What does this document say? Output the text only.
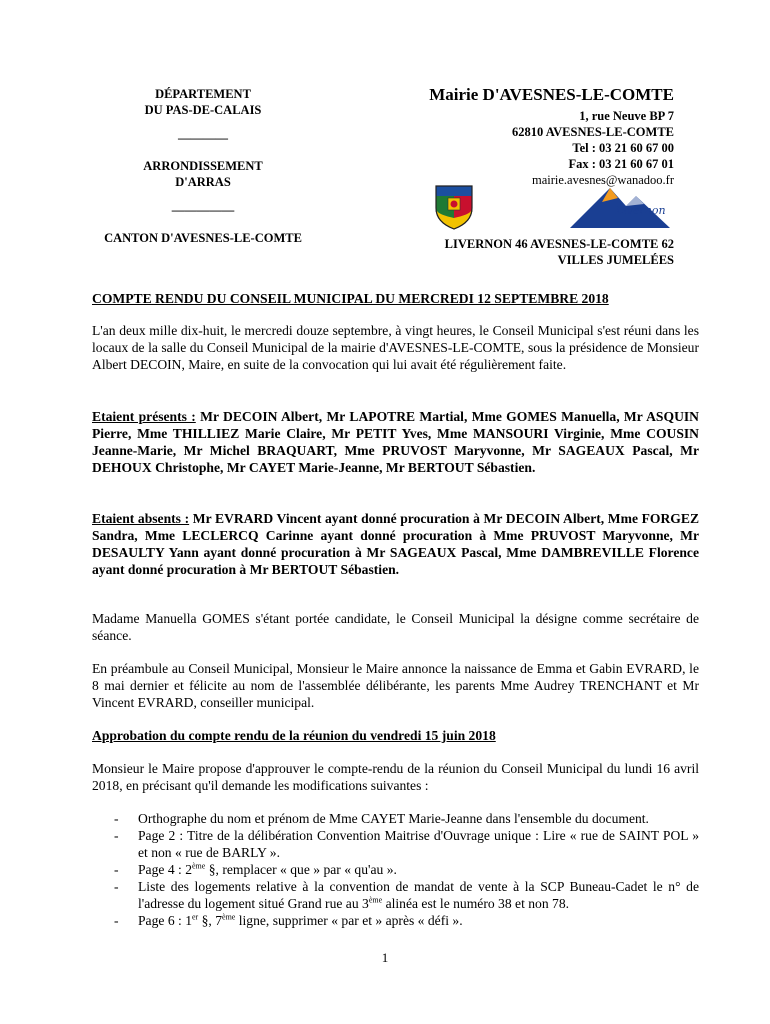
DÉPARTEMENT
DU PAS-DE-CALAIS
————
ARRONDISSEMENT
D'ARRAS
—————
CANTON D'AVESNES-LE-COMTE
Mairie D'AVESNES-LE-COMTE
1, rue Neuve BP 7
62810 AVESNES-LE-COMTE
Tel : 03 21 60 67 00
Fax : 03 21 60 67 01
mairie.avesnes@wanadoo.fr
Livernon
LIVERNON 46 AVESNES-LE-COMTE 62
VILLES JUMELÉES
COMPTE RENDU DU CONSEIL MUNICIPAL DU MERCREDI 12 SEPTEMBRE 2018
L'an deux mille dix-huit, le mercredi douze septembre, à vingt heures, le Conseil Municipal s'est réuni dans les locaux de la salle du Conseil Municipal de la mairie d'AVESNES-LE-COMTE, sous la présidence de Monsieur Albert DECOIN, Maire, en suite de la convocation qui lui avait été régulièrement faite.
Etaient présents : Mr DECOIN Albert, Mr LAPOTRE Martial, Mme GOMES Manuella, Mr ASQUIN Pierre, Mme THILLIEZ Marie Claire, Mr PETIT Yves, Mme MANSOURI Virginie, Mme COUSIN Jeanne-Marie, Mr Michel BRAQUART, Mme PRUVOST Maryvonne, Mr SAGEAUX Pascal, Mr DEHOUX Christophe, Mr CAYET Marie-Jeanne, Mr BERTOUT Sébastien.
Etaient absents : Mr EVRARD Vincent ayant donné procuration à Mr DECOIN Albert, Mme FORGEZ Sandra, Mme LECLERCQ Carinne ayant donné procuration à Mme PRUVOST Maryvonne, Mr DESAULTY Yann ayant donné procuration à Mr SAGEAUX Pascal, Mme DAMBREVILLE Florence ayant donné procuration à Mr BERTOUT Sébastien.
Madame Manuella GOMES s'étant portée candidate, le Conseil Municipal la désigne comme secrétaire de séance.
En préambule au Conseil Municipal, Monsieur le Maire annonce la naissance de Emma et Gabin EVRARD, le 8 mai dernier et félicite au nom de l'assemblée délibérante, les parents Mme Audrey TRENCHANT et Mr Vincent EVRARD, conseiller municipal.
Approbation du compte rendu de la réunion du vendredi 15 juin 2018
Monsieur le Maire propose d'approuver le compte-rendu de la réunion du Conseil Municipal du lundi 16 avril 2018, en précisant qu'il demande les modifications suivantes :
- Orthographe du nom et prénom de Mme CAYET Marie-Jeanne dans l'ensemble du document.
- Page 2 : Titre de la délibération Convention Maitrise d'Ouvrage unique : Lire « rue de SAINT POL » et non « rue de BARLY ».
- Page 4 : 2ème §, remplacer « que » par « qu'au ».
- Liste des logements relative à la convention de mandat de vente à la SCP Buneau-Cadet le n° de l'adresse du logement situé Grand rue au 3ème alinéa est le numéro 38 et non 78.
- Page 6 : 1er §, 7ème ligne, supprimer « par et » après « défi ».
1
